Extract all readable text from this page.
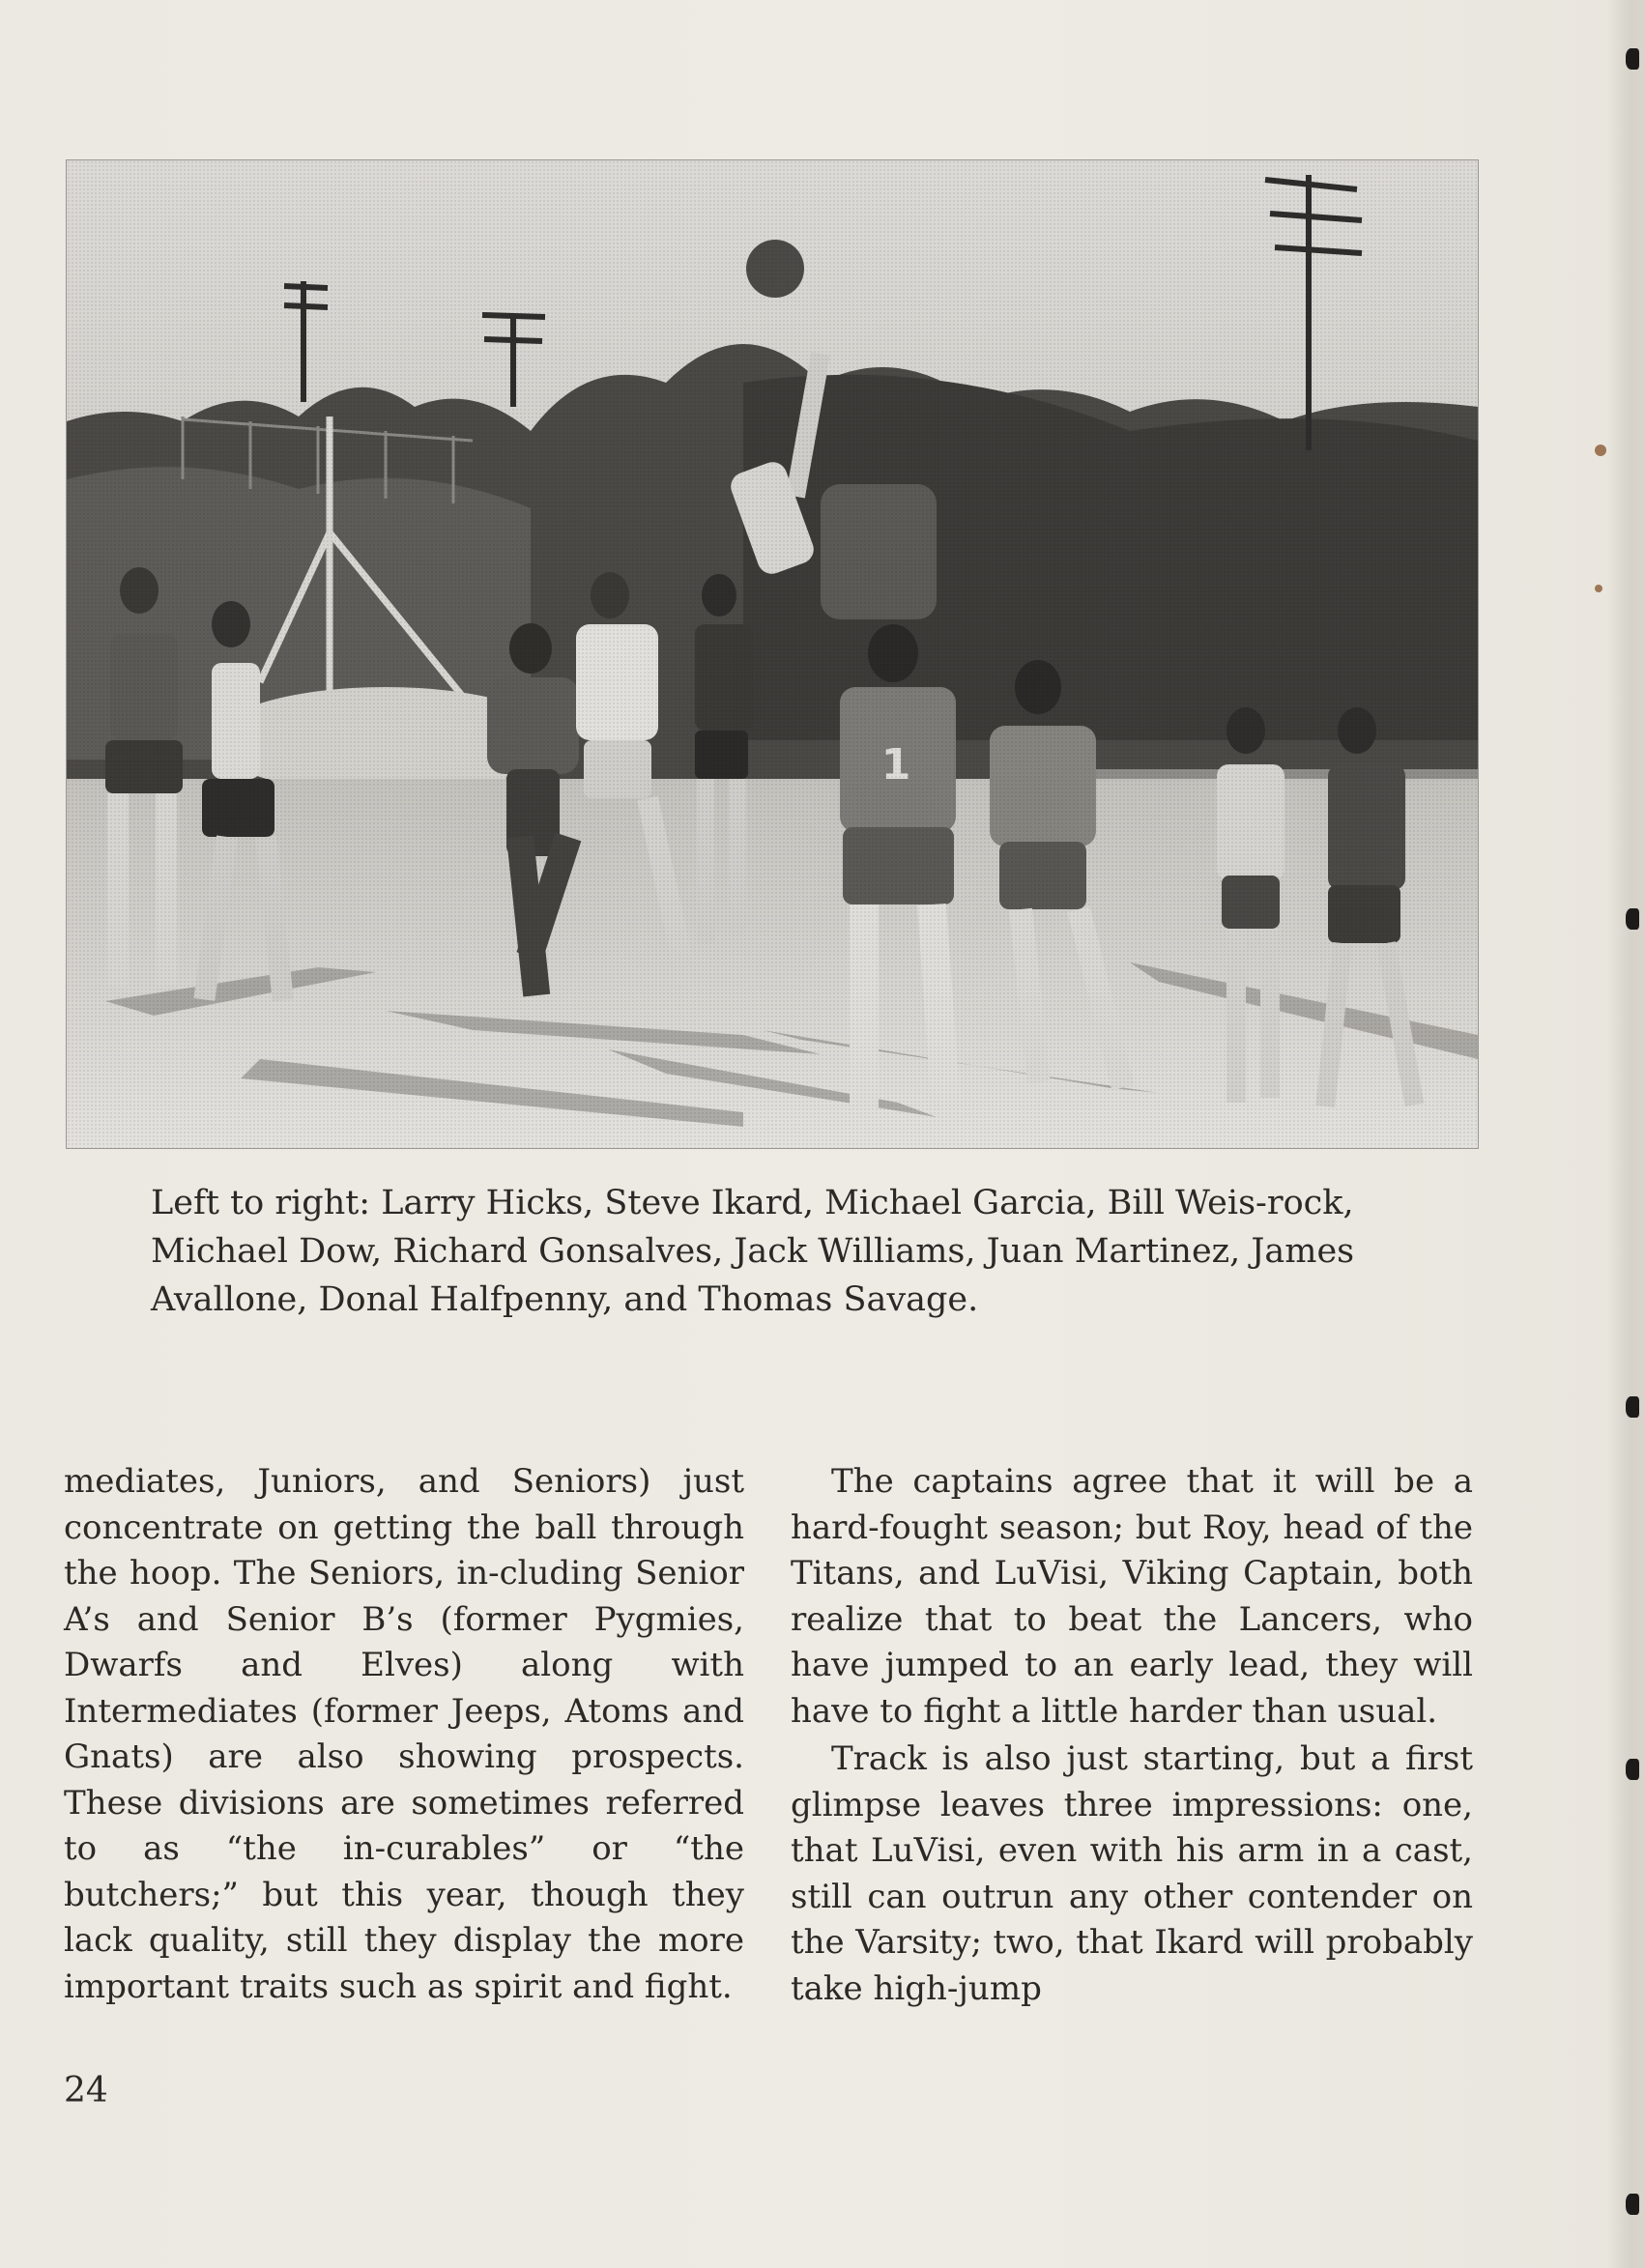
Left to right: Larry Hicks, Steve Ikard, Michael Garcia, Bill Weis-rock, Michael Dow, Richard Gonsalves, Jack Williams, Juan Martinez, James Avallone, Donal Halfpenny, and Thomas Savage.

mediates, Juniors, and Seniors) just concentrate on getting the ball through the hoop. The Seniors, in-cluding Senior A’s and Senior B’s (former Pygmies, Dwarfs and Elves) along with Intermediates (former Jeeps, Atoms and Gnats) are also showing prospects. These divisions are sometimes referred to as “the in-curables” or “the butchers;” but this year, though they lack quality, still they display the more important traits such as spirit and fight.

The captains agree that it will be a hard-fought season; but Roy, head of the Titans, and LuVisi, Viking Captain, both realize that to beat the Lancers, who have jumped to an early lead, they will have to fight a little harder than usual.

Track is also just starting, but a first glimpse leaves three impressions: one, that LuVisi, even with his arm in a cast, still can outrun any other contender on the Varsity; two, that Ikard will probably take high-jump

24
